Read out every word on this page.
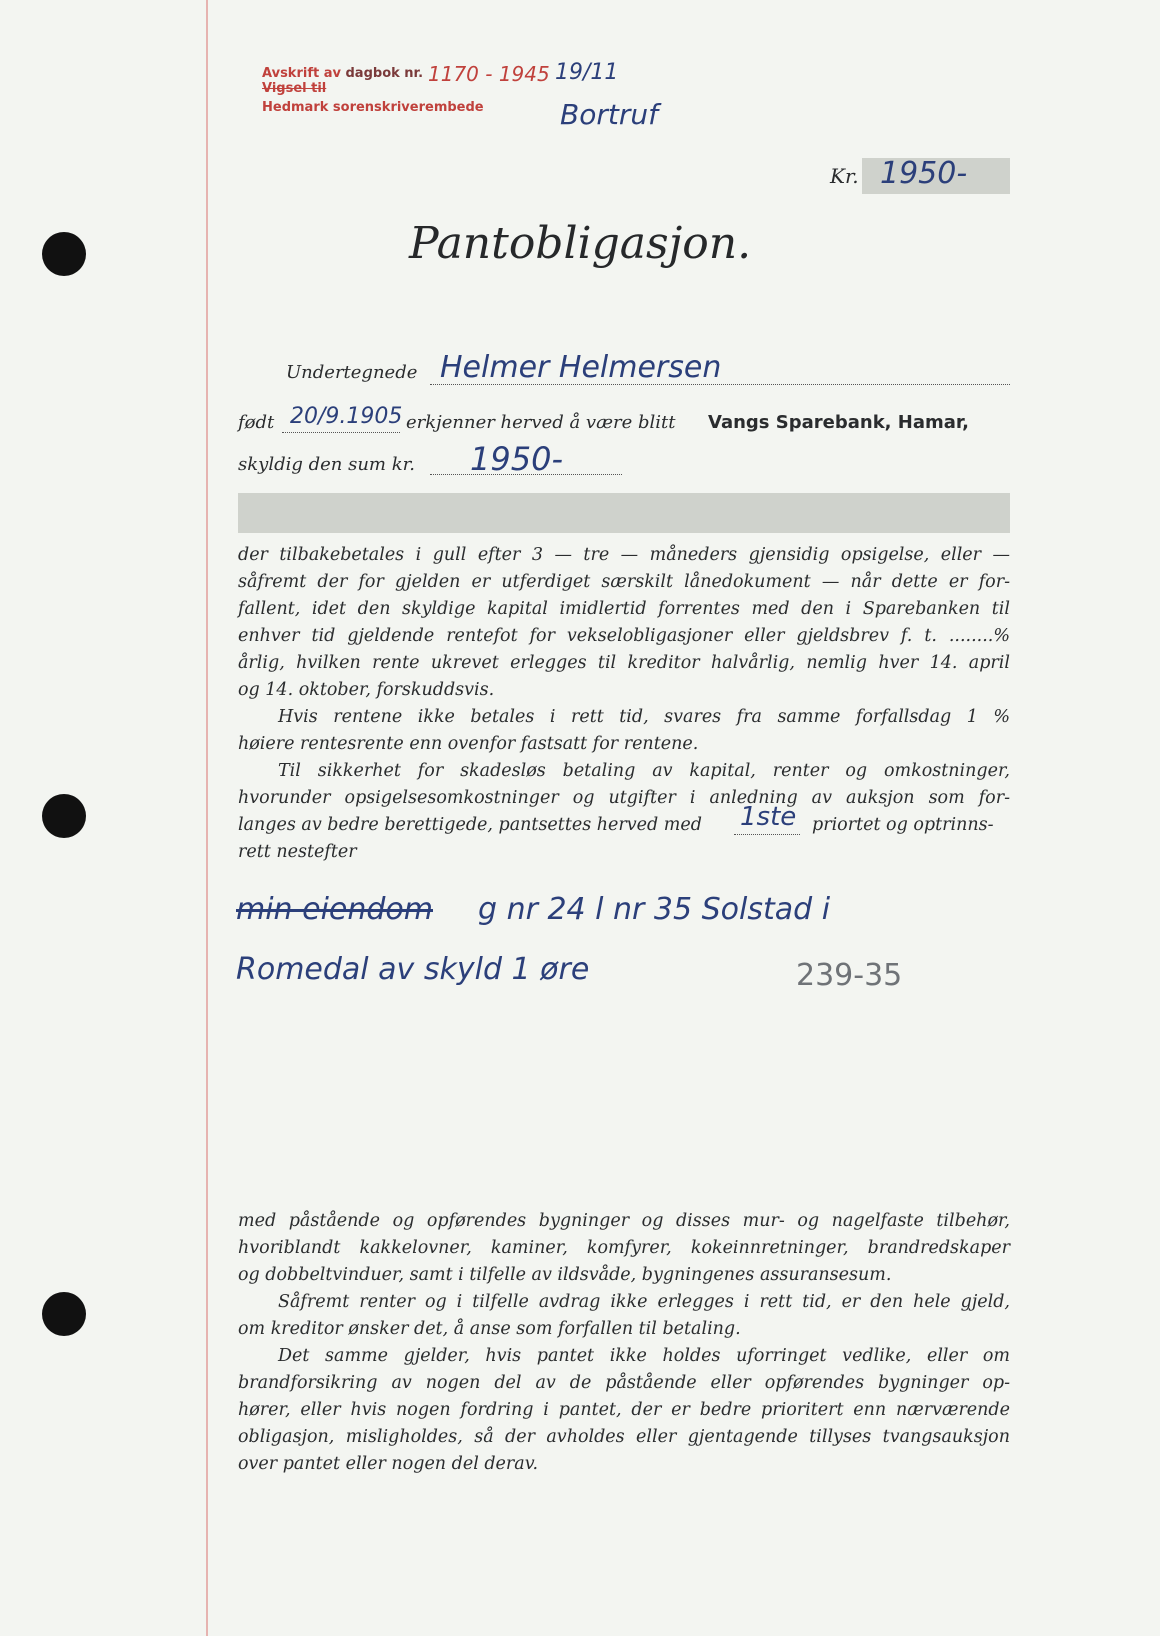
Avskrift av dagbok nr.
Vigsel til
Hedmark sorenskriverembede
1170 - 1945 19/11
Bortruf
Kr. 1950-
Pantobligasjon.
Undertegnede Helmer Helmersen
født 20/9.1905 erkjenner herved å være blitt Vangs Sparebank, Hamar,
skyldig den sum kr. 1950-

der tilbakebetales i gull efter 3 — tre — måneders gjensidig opsigelse, eller —

såfremt der for gjelden er utferdiget særskilt lånedokument — når dette er for-

fallent, idet den skyldige kapital imidlertid forrentes med den i Sparebanken til

enhver tid gjeldende rentefot for vekselobligasjoner eller gjeldsbrev f. t. ........%

årlig, hvilken rente ukrevet erlegges til kreditor halvårlig, nemlig hver 14. april

og 14. oktober, forskuddsvis.

Hvis rentene ikke betales i rett tid, svares fra samme forfallsdag 1 %

høiere rentesrente enn ovenfor fastsatt for rentene.

Til sikkerhet for skadesløs betaling av kapital, renter og omkostninger,

hvorunder opsigelsesomkostninger og utgifter i anledning av auksjon som for-

langes av bedre berettigede, pantsettes herved med 1ste priortet og optrinns-

rett nestefter

min eiendom g nr 24 l nr 35 Solstad i
Romedal av skyld 1 øre	239-35

med påstående og opførendes bygninger og disses mur- og nagelfaste tilbehør,

hvoriblandt kakkelovner, kaminer, komfyrer, kokeinnretninger, brandredskaper

og dobbeltvinduer, samt i tilfelle av ildsvåde, bygningenes assuransesum.

Såfremt renter og i tilfelle avdrag ikke erlegges i rett tid, er den hele gjeld,

om kreditor ønsker det, å anse som forfallen til betaling.

Det samme gjelder, hvis pantet ikke holdes uforringet vedlike, eller om

brandforsikring av nogen del av de påstående eller opførendes bygninger op-

hører, eller hvis nogen fordring i pantet, der er bedre prioritert enn nærværende

obligasjon, misligholdes, så der avholdes eller gjentagende tillyses tvangsauksjon

over pantet eller nogen del derav.
